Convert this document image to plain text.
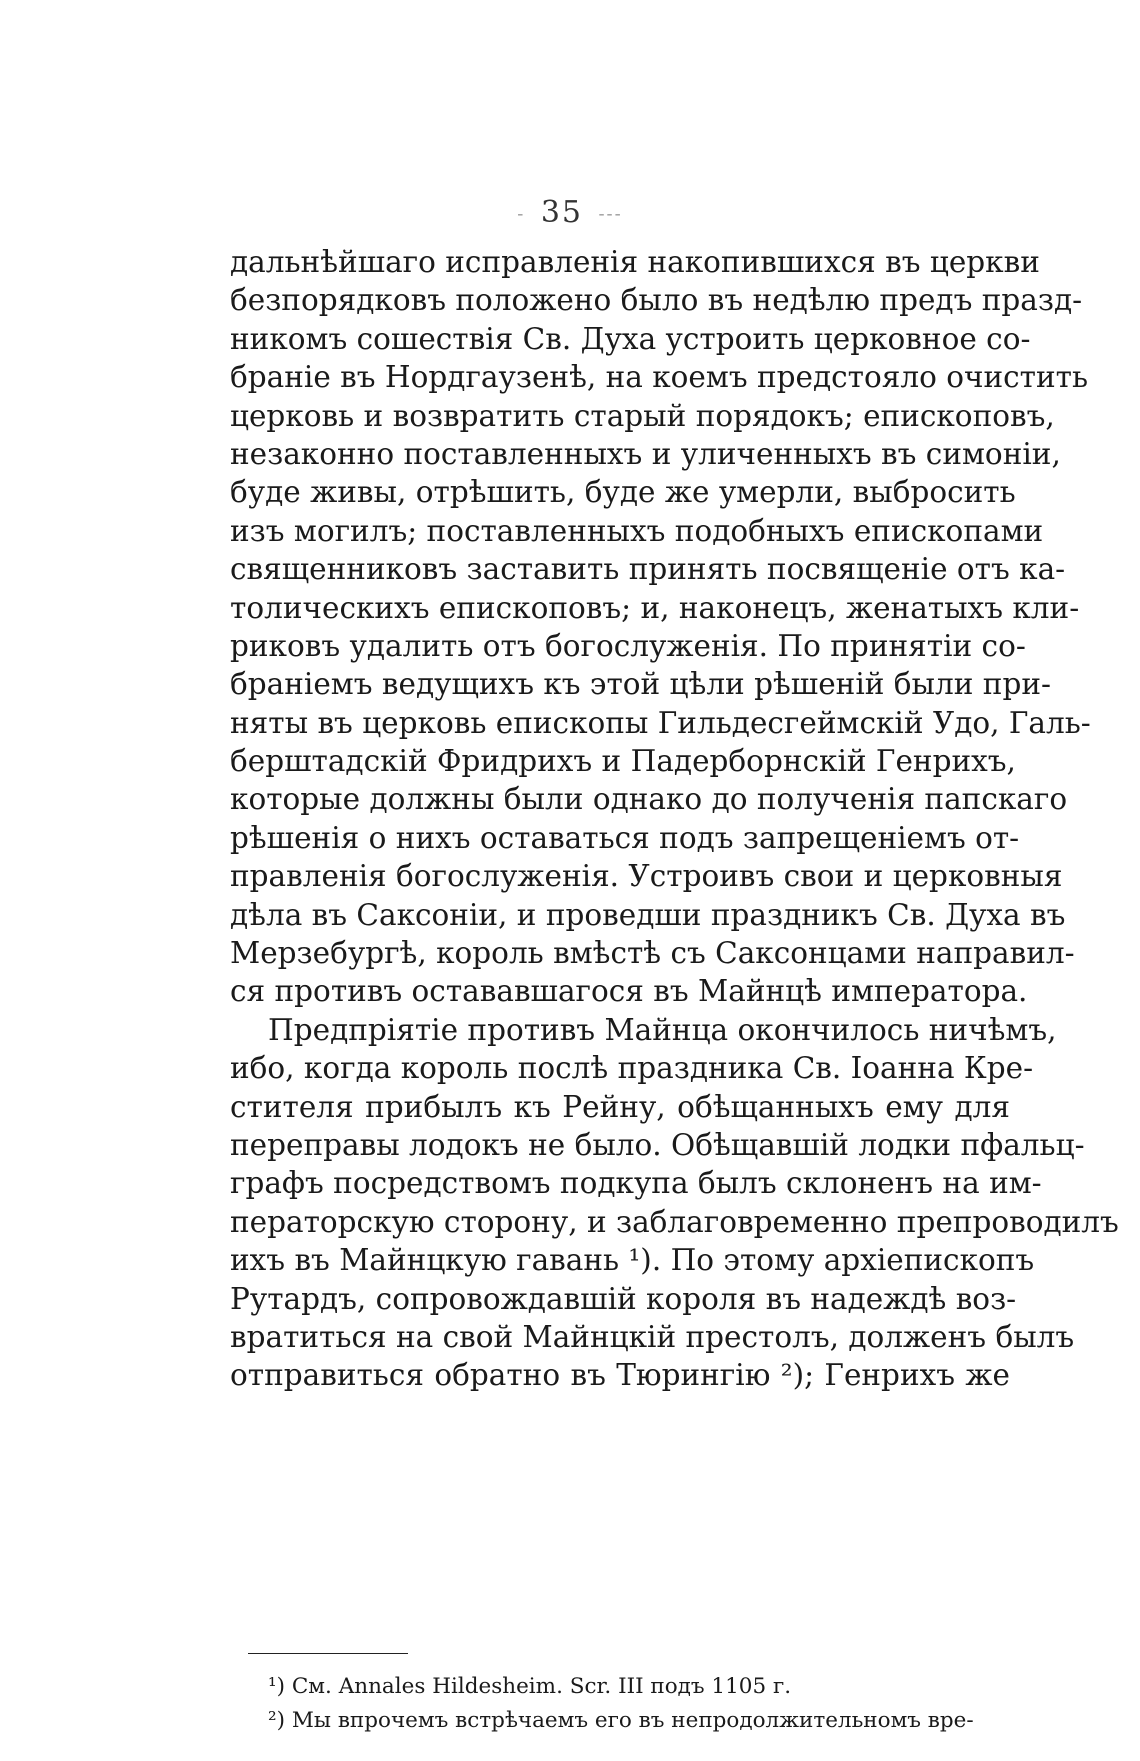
-  35  ---
дальнѣйшаго исправленія накопившихся въ церкви
безпорядковъ положено было въ недѣлю предъ празд-
никомъ сошествія Св. Духа устроить церковное со-
браніе въ Нордгаузенѣ, на коемъ предстояло очистить
церковь и возвратить старый порядокъ; епископовъ,
незаконно поставленныхъ и уличенныхъ въ симоніи,
буде живы, отрѣшить, буде же умерли, выбросить
изъ могилъ; поставленныхъ подобныхъ епископами
священниковъ заставить принять посвященіе отъ ка-
толическихъ епископовъ; и, наконецъ, женатыхъ кли-
риковъ удалить отъ богослуженія. По принятіи со-
браніемъ ведущихъ къ этой цѣли рѣшеній были при-
няты въ церковь епископы Гильдесгеймскій Удо, Галь-
берштадскій Фридрихъ и Падерборнскій Генрихъ,
которые должны были однако до полученія папскаго
рѣшенія о нихъ оставаться подъ запрещеніемъ от-
правленія богослуженія. Устроивъ свои и церковныя
дѣла въ Саксоніи, и проведши праздникъ Св. Духа въ
Мерзебургѣ, король вмѣстѣ съ Саксонцами направил-
ся противъ остававшагося въ Майнцѣ императора.
Предпріятіе противъ Майнца окончилось ничѣмъ,
ибо, когда король послѣ праздника Св. Іоанна Кре-
стителя прибылъ къ Рейну, обѣщанныхъ ему для
переправы лодокъ не было. Обѣщавшій лодки пфальц-
графъ посредствомъ подкупа былъ склоненъ на им-
ператорскую сторону, и заблаговременно препроводилъ
ихъ въ Майнцкую гавань ¹). По этому архіепископъ
Рутардъ, сопровождавшій короля въ надеждѣ воз-
вратиться на свой Майнцкій престолъ, долженъ былъ
отправиться обратно въ Тюрингію ²); Генрихъ же
¹) См. Annales Hildesheim. Scr. III подъ 1105 г.
²) Мы впрочемъ встрѣчаемъ его въ непродолжительномъ вре-
